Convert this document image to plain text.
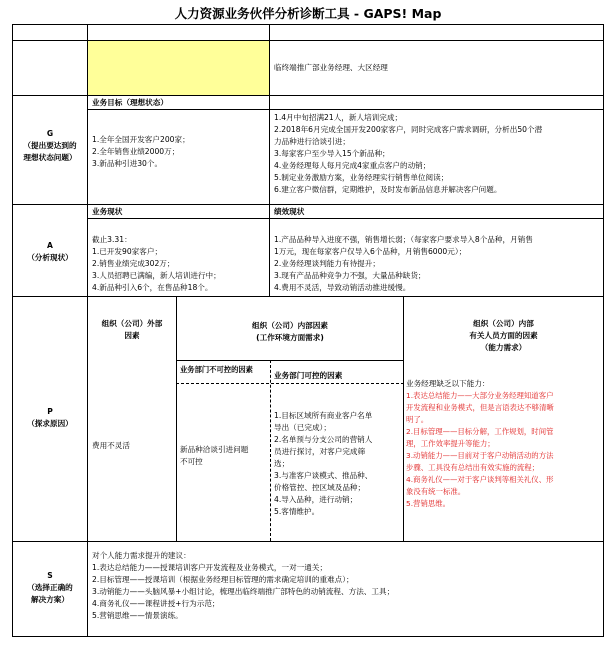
人力资源业务伙伴分析诊断工具 - GAPS! Map

临终端推广部业务经理、大区经理
G
（提出要达到的
理想状态问题）
业务目标（理想状态）
1.全年全国开发客户200家；
2.全年销售业绩2000万；
3.新品种引进30个。

1.4月中旬招满21人，新人培训完成；
2.2018年6月完成全国开发200家客户，同时完成客户需求调研，分析出50个潜
力品种进行洽谈引进；
3.每家客户至少导入15个新品种；
4.业务经理每人每月完成4家重点客户的动销；
5.制定业务激励方案，业务经理实行销售单位阅读；
6.建立客户微信群，定期维护，及时发布新品信息并解决客户问题。
A
（分析现状）
业务现状
截止3.31：
1.已开发90家客户；
2.销售业绩完成302万；
3.人员招聘已满编，新人培训进行中；
4.新品种引入6个，在售品种18个。
绩效现状
1.产品品种导入进度不强，销售增长弱；（每家客户要求导入8个品种，月销售
1万元，现在每家客户仅导入6个品种，月销售6000元）；
2.业务经理谈判能力有待提升；
3.现有产品品种竞争力不强，大量品种缺货；
4.费用不灵活，导致动销活动推进缓慢。
P
（探求原因）
组织（公司）外部
因素
组织（公司）内部因素
(工作环境方面需求)
组织（公司）内部
有关人员方面的因素
（能力需求）
业务部门不可控的因素
业务部门可控的因素
费用不灵活	新品种洽谈引进问题
不可控
1.目标区域所有商业客户名单
导出（已完成）；
2.名单预与分支公司的营销人
员进行探讨，对客户完成筛
选；
3.与准客户谈模式、推品种、
价格管控、控区域及品种；
4.导入品种，进行动销；
5.客情维护。
业务经理缺乏以下能力：
1.表达总结能力——大部分业务经理知道客户
开发流程和业务模式，但是言语表达不够清晰
明了。
2.目标管理——目标分解，工作规划，时间管
理，工作效率提升等能力；
3.动销能力——目前对于客户动销活动的方法
步骤、工具没有总结出有效实施的流程；
4.商务礼仪——对于客户谈判等相关礼仪、形
象没有统一标准。
5.营销思维。
S
（选择正确的
解决方案）
对个人能力需求提升的建议：
1.表达总结能力——授课培训客户开发流程及业务模式，一对一通关；
2.目标管理——授课培训（根据业务经理目标管理的需求确定培训的重难点）；
3.动销能力——头脑风暴+小组讨论，梳理出临终端推广部特色的动销流程、方法、工具；
4.商务礼仪——课程讲授+行为示范；
5.营销思维——情景演练。
